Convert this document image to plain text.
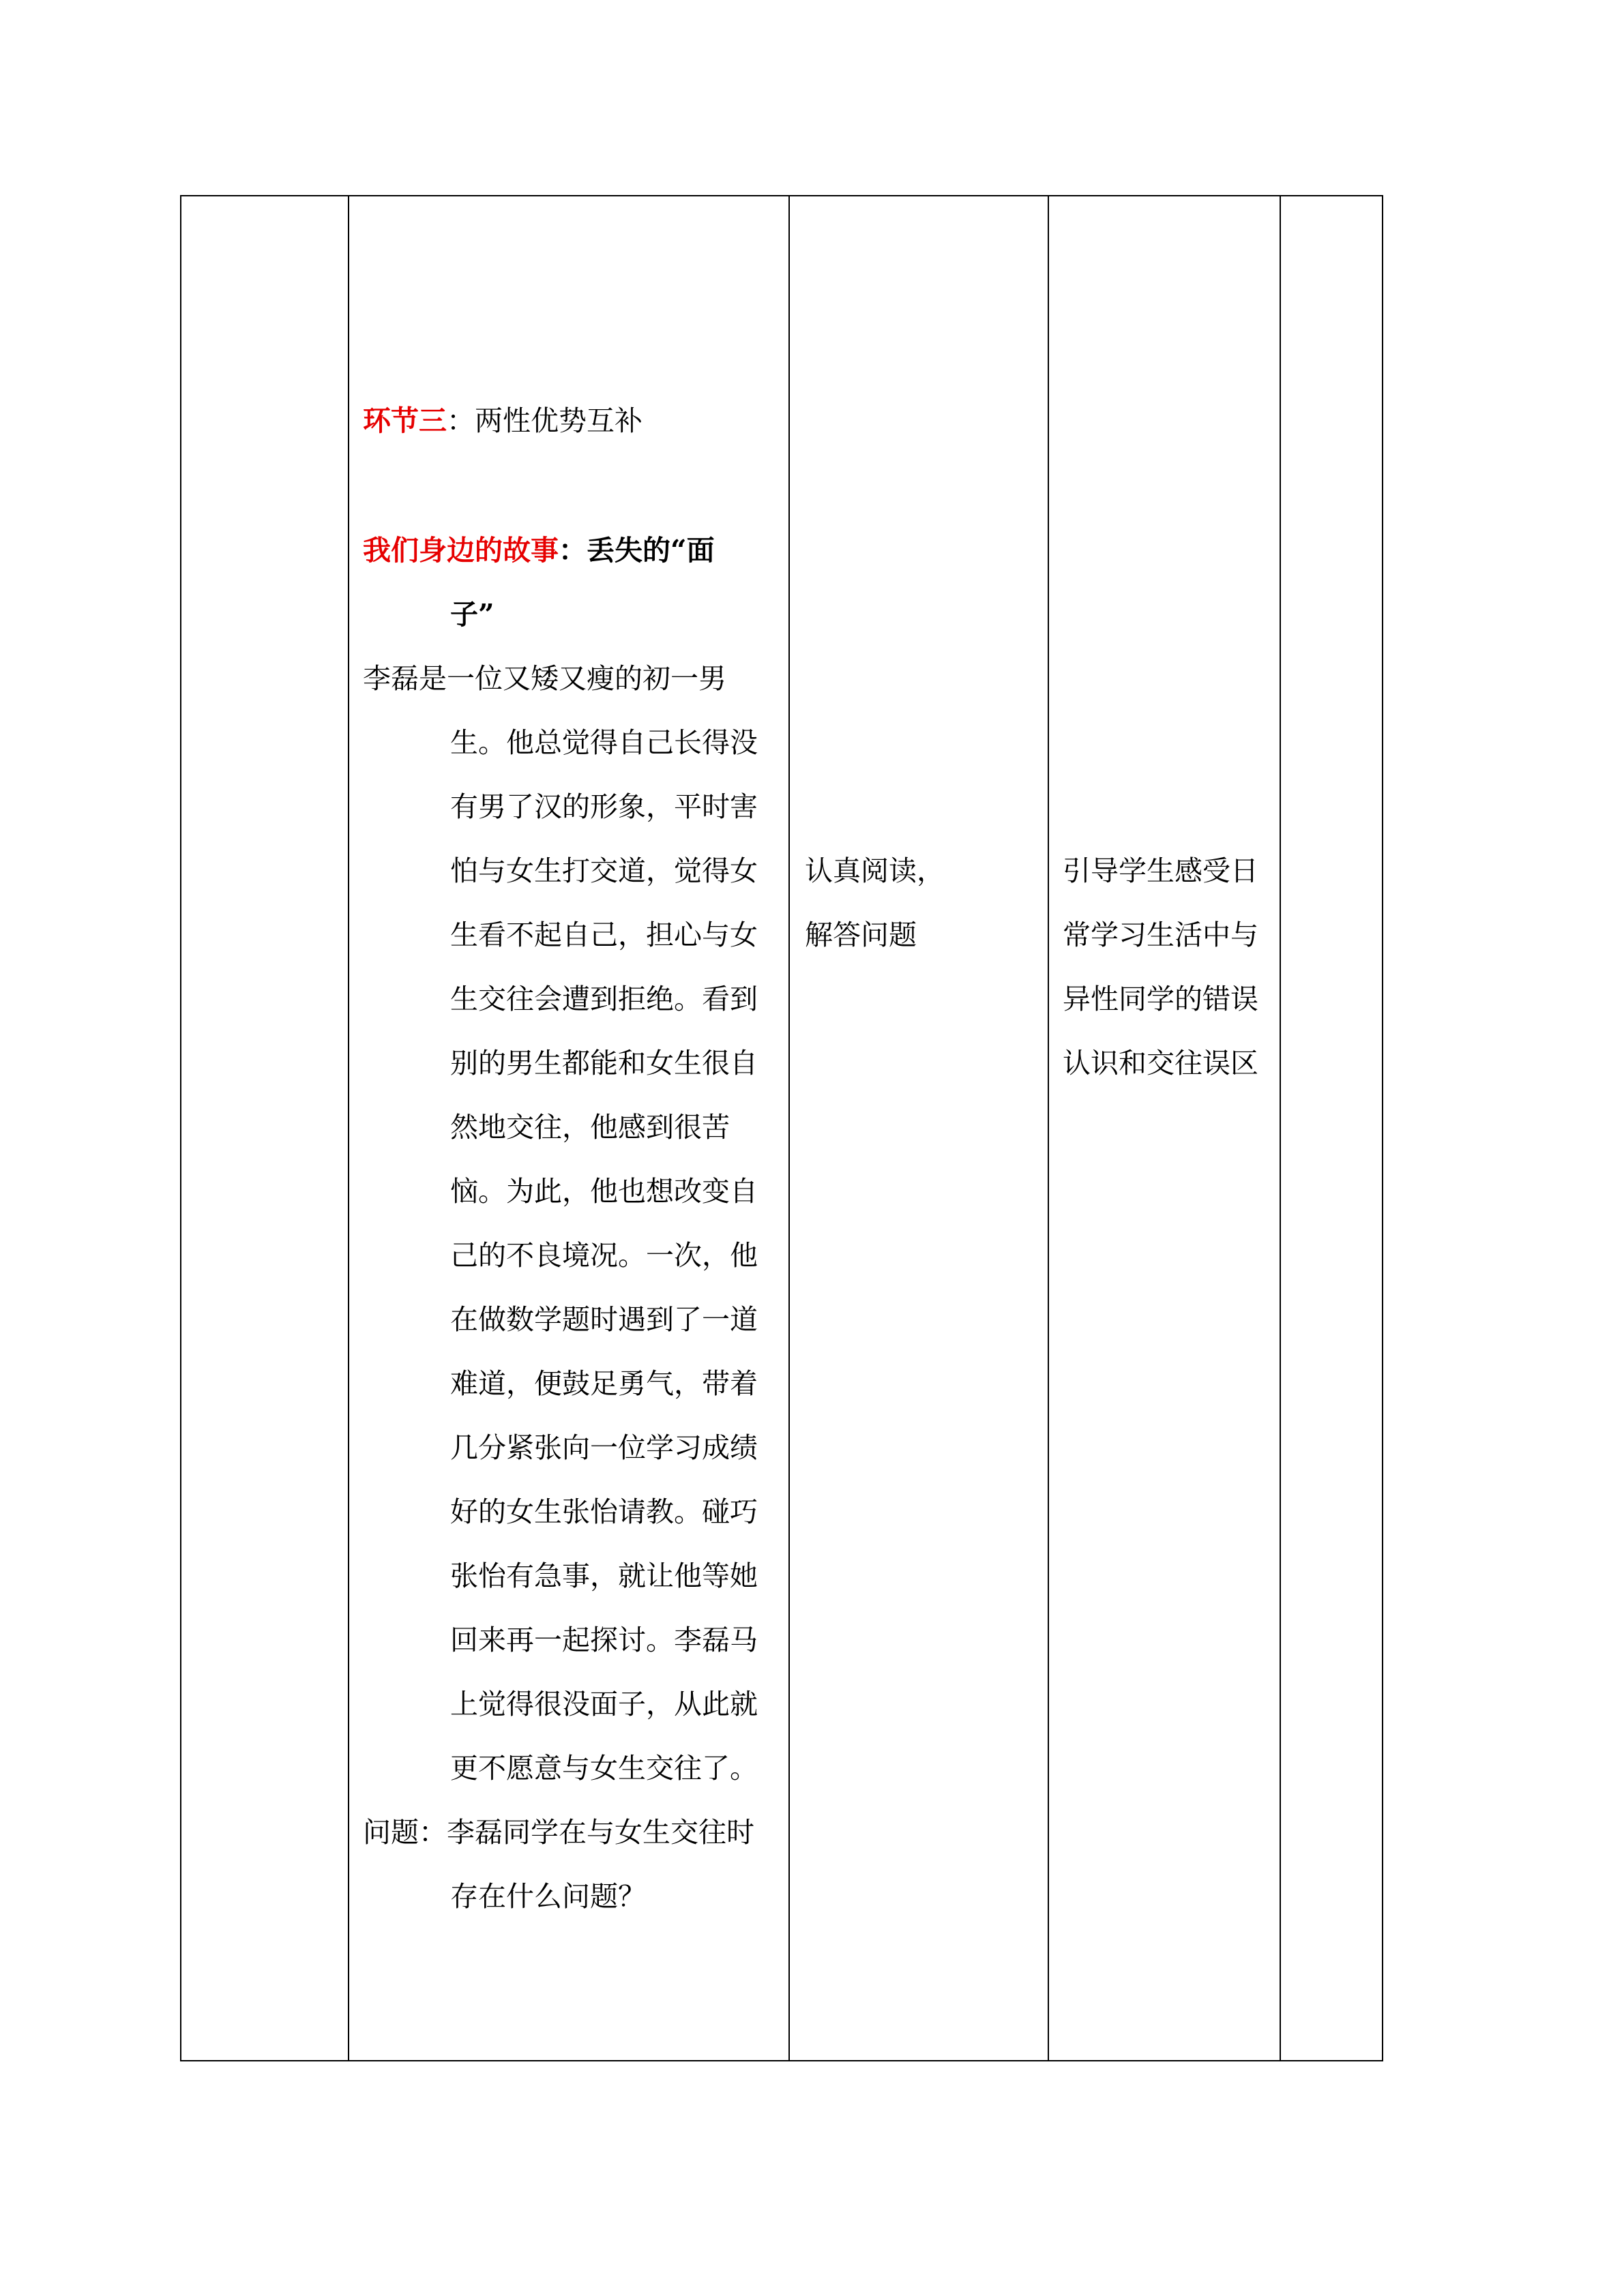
环节三：两性优势互补
我们身边的故事：丢失的“面
子”
李磊是一位又矮又瘦的初一男
生。他总觉得自己长得没
有男了汉的形象，平时害
怕与女生打交道，觉得女
生看不起自己，担心与女
生交往会遭到拒绝。看到
别的男生都能和女生很自
然地交往，他感到很苦
恼。为此，他也想改变自
己的不良境况。一次，他
在做数学题时遇到了一道
难道，便鼓足勇气，带着
几分紧张向一位学习成绩
好的女生张怡请教。碰巧
张怡有急事，就让他等她
回来再一起探讨。李磊马
上觉得很没面子，从此就
更不愿意与女生交往了。
问题：李磊同学在与女生交往时
存在什么问题？
认真阅读，
解答问题
引导学生感受日
常学习生活中与
异性同学的错误
认识和交往误区
